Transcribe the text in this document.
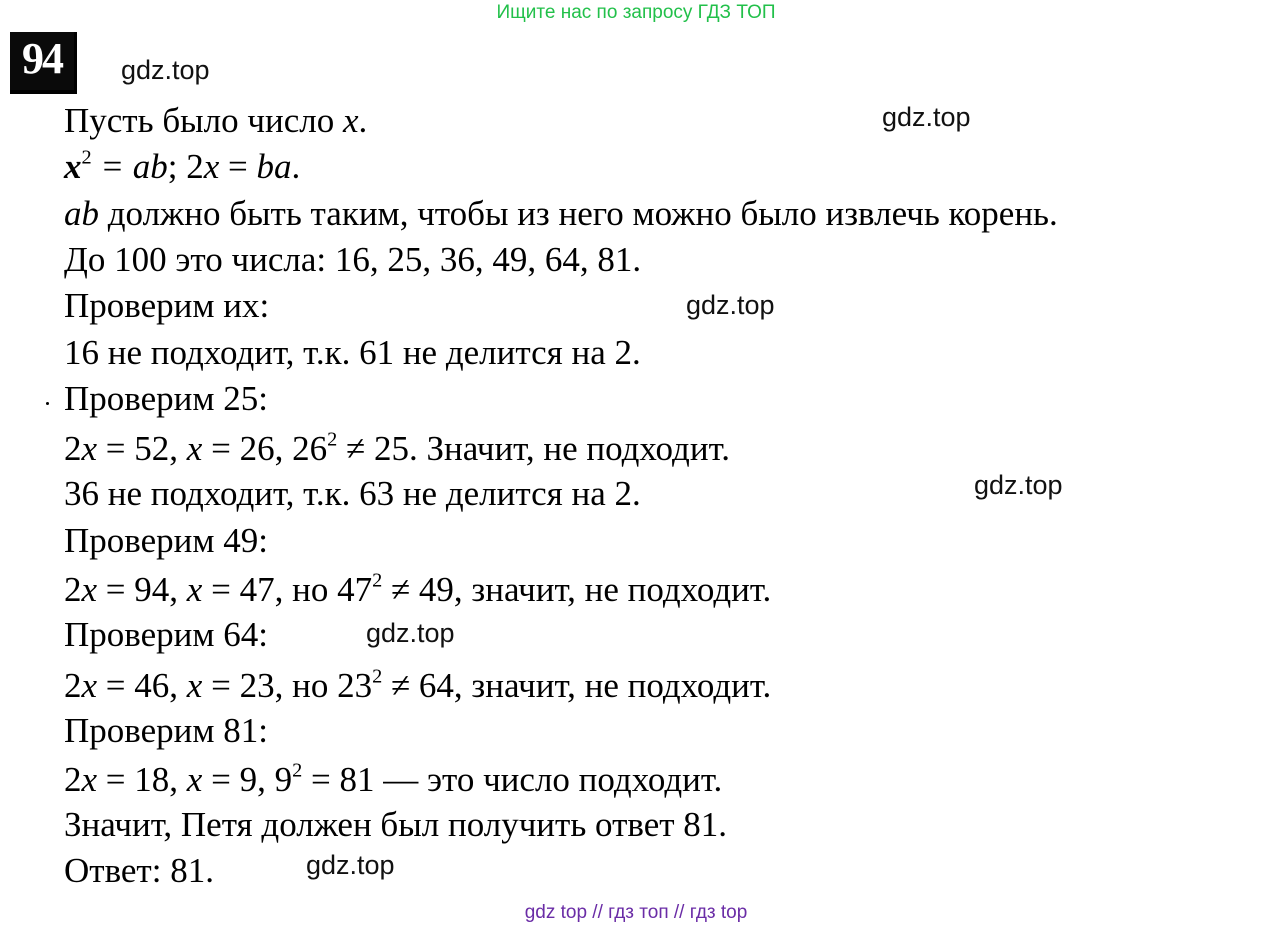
Ищите нас по запросу ГДЗ ТОП
94	gdz.top
gdz.top
gdz.top
gdz.top
gdz.top
gdz.top
Пусть было число x.
$x^2$ = ab; 2x = ba.
ab должно быть таким, чтобы из него можно было извлечь корень.
До 100 это числа: 16, 25, 36, 49, 64, 81.
Проверим их:
16 не подходит, т.к. 61 не делится на 2.
Проверим 25:
2x = 52, x = 26, $26^2 \ne 25$. Значит, не подходит.
36 не подходит, т.к. 63 не делится на 2.
Проверим 49:
2x = 94, x = 47, но $47^2 \ne 49$, значит, не подходит.
Проверим 64:
2x = 46, x = 23, но $23^2 \ne 64$, значит, не подходит.
Проверим 81:
2x = 18, x = 9, $9^2 = 81$ — это число подходит.
Значит, Петя должен был получить ответ 81.
Ответ: 81.
gdz top // гдз топ // гдз top
